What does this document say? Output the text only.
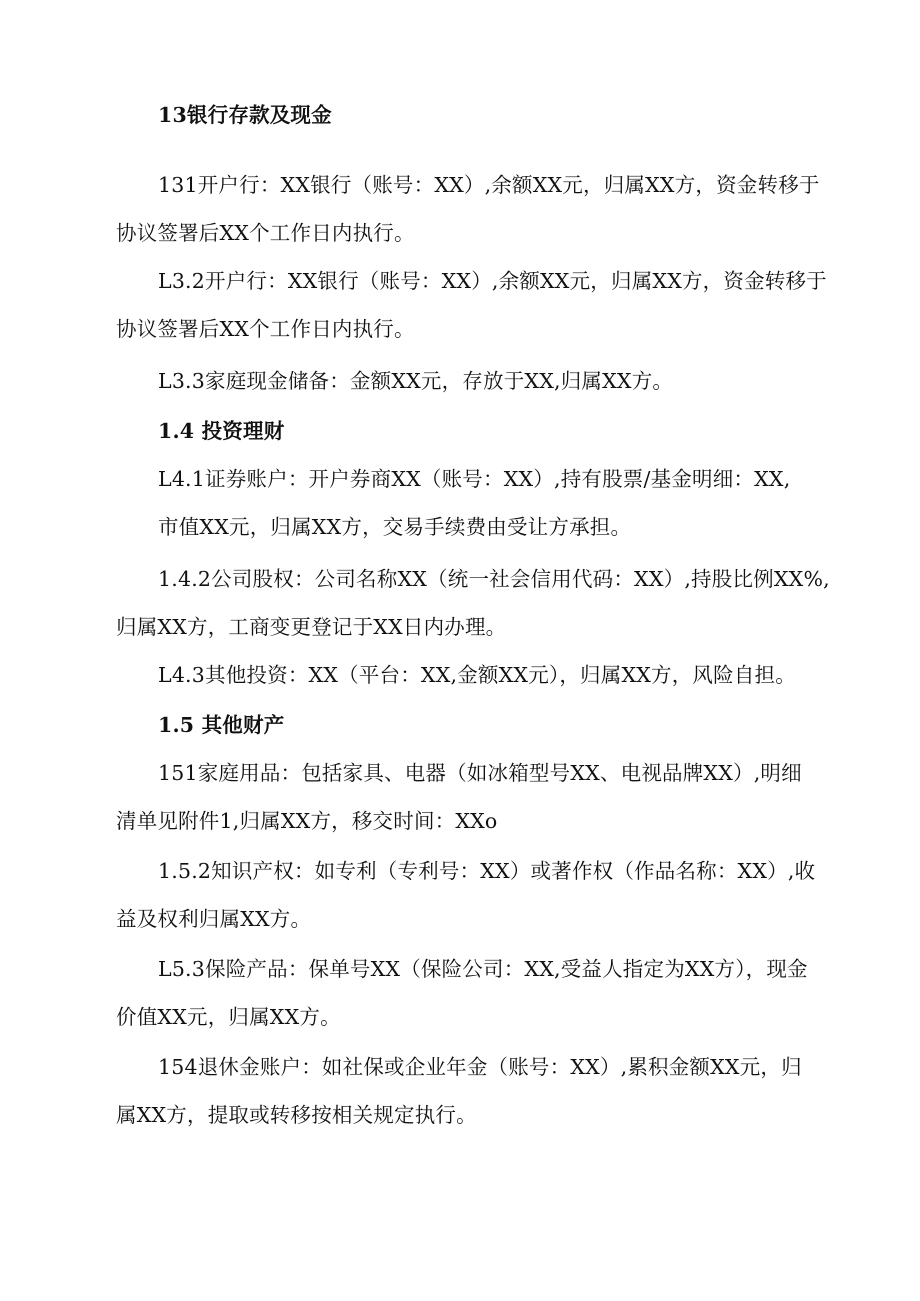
13银行存款及现金
131开户行：XX银行（账号：XX）,余额XX元，归属XX方，资金转移于
协议签署后XX个工作日内执行。
L3.2开户行：XX银行（账号：XX）,余额XX元，归属XX方，资金转移于
协议签署后XX个工作日内执行。
L3.3家庭现金储备：金额XX元，存放于XX,归属XX方。
1.4 投资理财
L4.1证券账户：开户券商XX（账号：XX）,持有股票/基金明细：XX,
市值XX元，归属XX方，交易手续费由受让方承担。
1.4.2公司股权：公司名称XX（统一社会信用代码：XX）,持股比例XX%,
归属XX方，工商变更登记于XX日内办理。
L4.3其他投资：XX（平台：XX,金额XX元），归属XX方，风险自担。
1.5 其他财产
151家庭用品：包括家具、电器（如冰箱型号XX、电视品牌XX）,明细
清单见附件1,归属XX方，移交时间：XXo
1.5.2知识产权：如专利（专利号：XX）或著作权（作品名称：XX）,收
益及权利归属XX方。
L5.3保险产品：保单号XX（保险公司：XX,受益人指定为XX方），现金
价值XX元，归属XX方。
154退休金账户：如社保或企业年金（账号：XX）,累积金额XX元，归
属XX方，提取或转移按相关规定执行。
